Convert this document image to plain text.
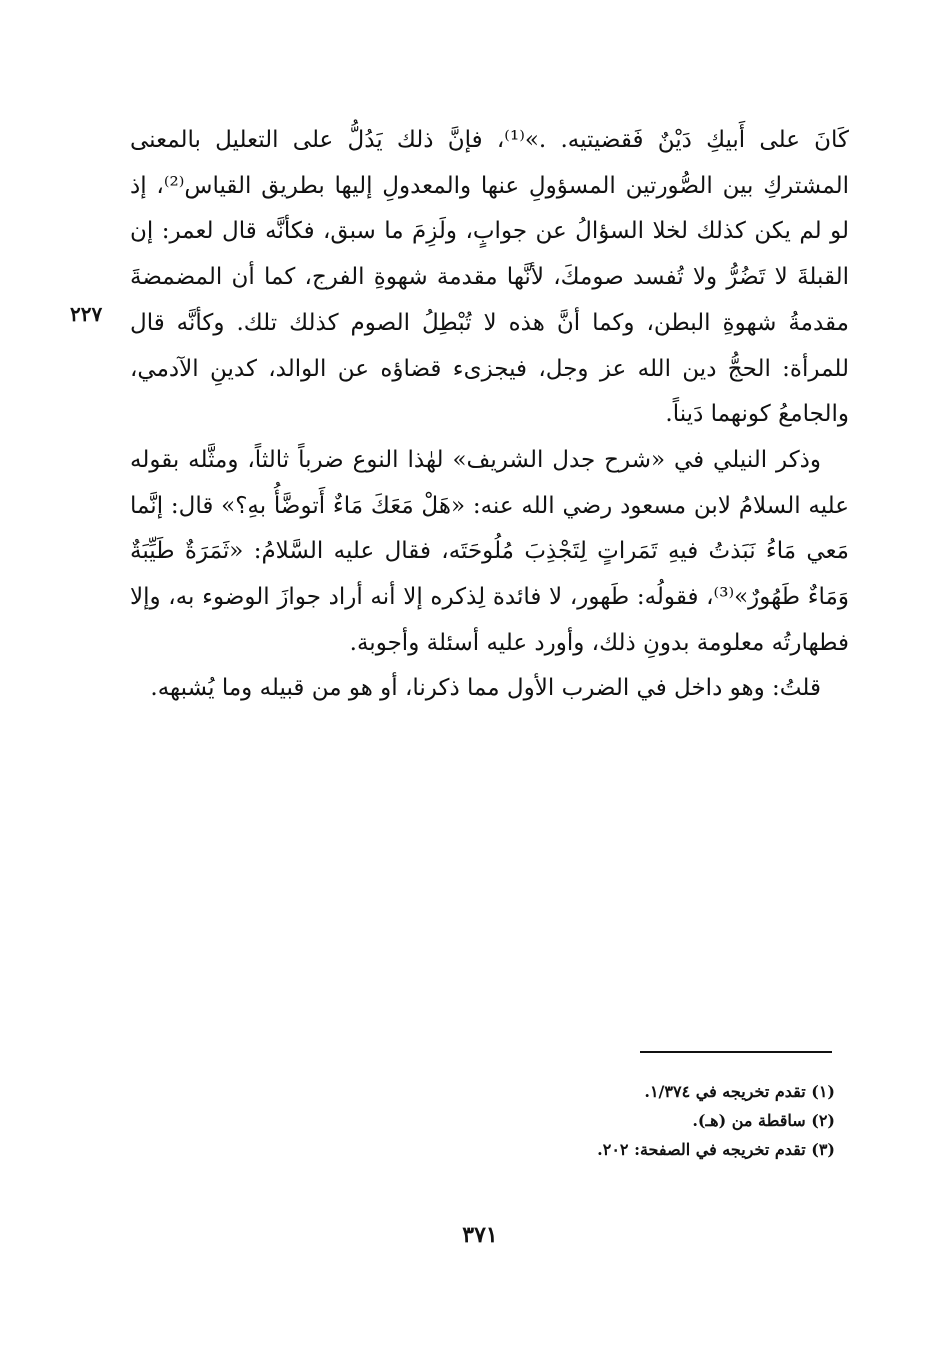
٢٢٧

كَانَ على أَبيكِ دَيْنٌ فَقضيتيه. .»⁽¹⁾، فإنَّ ذلك يَدُلُّ على التعليل بالمعنى المشتركِ بين الصُّورتين المسؤولِ عنها والمعدولِ إليها بطريق القياس⁽²⁾، إذ لو لم يكن كذلك لخلا السؤالُ عن جوابٍ، ولَزِمَ ما سبق، فكأنَّه قال لعمر: إن القبلةَ لا تَضُرُّ ولا تُفسد صومكَ، لأنَّها مقدمة شهوةِ الفرج، كما أن المضمضةَ مقدمةُ شهوةِ البطن، وكما أنَّ هذه لا تُبْطِلُ الصوم كذلك تلك. وكأنَّه قال للمرأة: الحجُّ دين الله عز وجل، فيجزىء قضاؤه عن الوالد، كدينِ الآدمي، والجامعُ كونهما دَيناً.

وذكر النيلي في «شرح جدل الشريف» لهٰذا النوع ضرباً ثالثاً، ومثَّله بقوله عليه السلامُ لابن مسعود رضي الله عنه: «هَلْ مَعَكَ مَاءٌ أَتوضَّأُ بهِ؟» قال: إنَّما مَعي مَاءُ نَبَذتُ فيهِ تَمَراتٍ لِتَجْذِبَ مُلُوحَتَه، فقال عليه السَّلامُ: «ثَمَرَةٌ طَيِّبَةٌ وَمَاءٌ طَهُورٌ»⁽³⁾، فقولُه: طَهور، لا فائدة لِذكره إلا أنه أراد جوازَ الوضوء به، وإلا فطهارتُه معلومة بدونِ ذلك، وأورد عليه أسئلة وأجوبة.

قلتُ: وهو داخل في الضرب الأول مما ذكرنا، أو هو من قبيله وما يُشبهه.

(١) تقدم تخريجه في ١/٣٧٤.
(٢) ساقطة من (هـ).
(٣) تقدم تخريجه في الصفحة: ٢٠٢.
٣٧١
